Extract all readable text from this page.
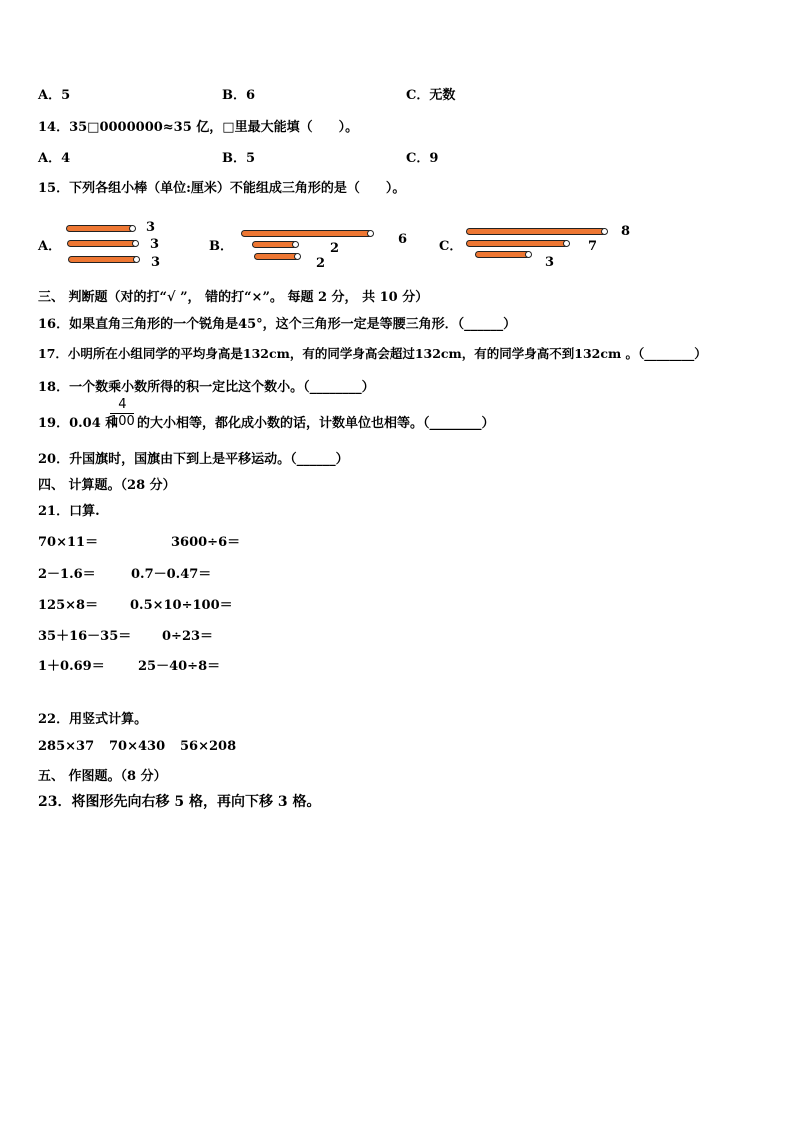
A．5	B．6	C．无数
14．35□0000000≈35 亿，□里最大能填（　　）。
A．4	B．5	C．9
15．下列各组小棒（单位:厘米）不能组成三角形的是（　　）。
A．
3
3
3
B．	6
2
2
C．
8
7
3
三、 判断题（对的打“√ ”， 错的打“×”。 每题 2 分， 共 10 分）
16．如果直角三角形的一个锐角是45°，这个三角形一定是等腰三角形．（______）
17．小明所在小组同学的平均身高是132cm，有的同学身高会超过132cm，有的同学身高不到132cm 。（________）
18．一个数乘小数所得的积一定比这个数小。（________）
19．0.04 和
4
100 的大小相等，都化成小数的话，计数单位也相等。（________）
20．升国旗时，国旗由下到上是平移运动。（______）
四、 计算题。（28 分）
21．口算.
70×11＝	3600÷6＝
2－1.6＝	0.7－0.47＝
125×8＝ 0.5×10÷100＝
35＋16－35＝ 0÷23＝
1＋0.69＝	25－40÷8＝
22．用竖式计算。
285×37 70×430 56×208
五、 作图题。（8 分）
23．将图形先向右移 5 格，再向下移 3 格。
